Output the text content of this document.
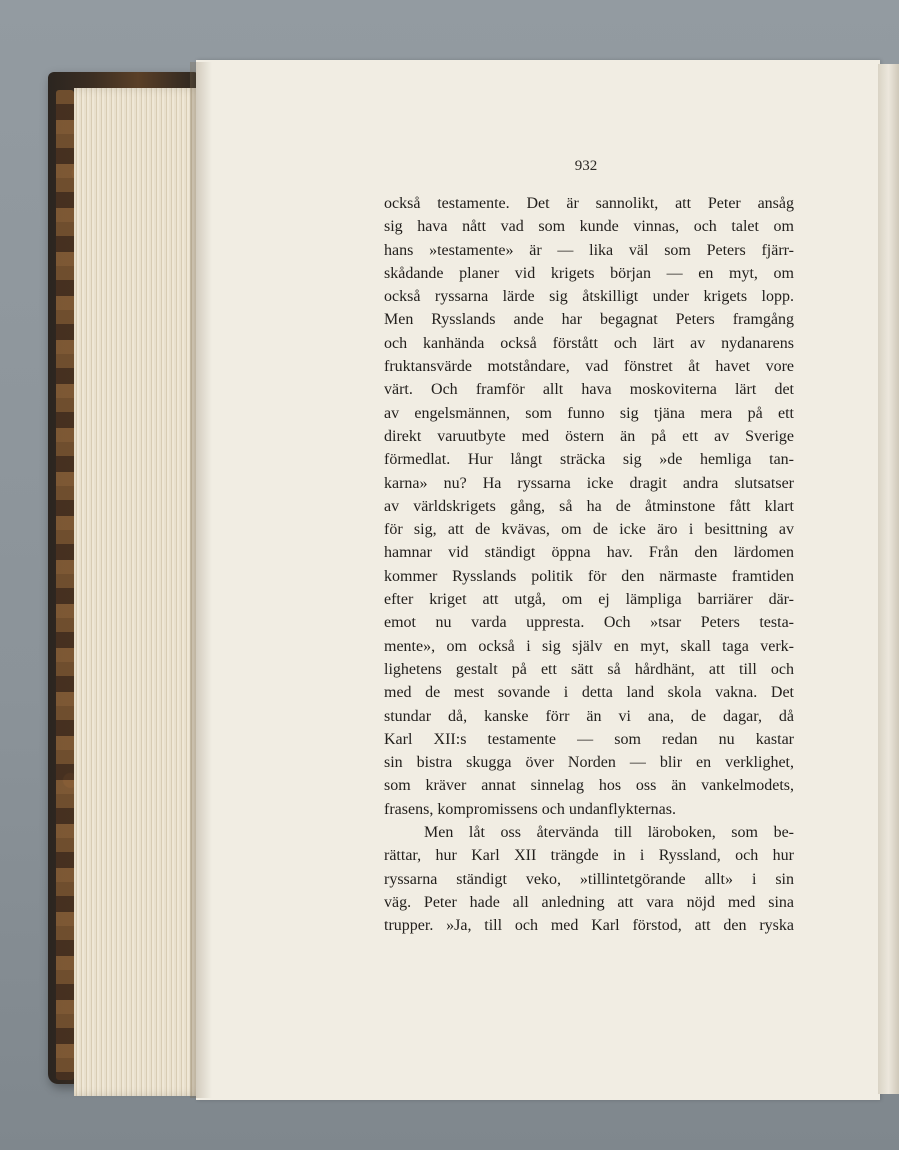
932
också testamente. Det är sannolikt, att Peter ansåg
sig hava nått vad som kunde vinnas, och talet om
hans »testamente» är — lika väl som Peters fjärr-
skådande planer vid krigets början — en myt, om
också ryssarna lärde sig åtskilligt under krigets lopp.
Men Rysslands ande har begagnat Peters framgång
och kanhända också förstått och lärt av nydanarens
fruktansvärde motståndare, vad fönstret åt havet vore
värt. Och framför allt hava moskoviterna lärt det
av engelsmännen, som funno sig tjäna mera på ett
direkt varuutbyte med östern än på ett av Sverige
förmedlat. Hur långt sträcka sig »de hemliga tan-
karna» nu? Ha ryssarna icke dragit andra slutsatser
av världskrigets gång, så ha de åtminstone fått klart
för sig, att de kvävas, om de icke äro i besittning av
hamnar vid ständigt öppna hav. Från den lärdomen
kommer Rysslands politik för den närmaste framtiden
efter kriget att utgå, om ej lämpliga barriärer där-
emot nu varda uppresta. Och »tsar Peters testa-
mente», om också i sig själv en myt, skall taga verk-
lighetens gestalt på ett sätt så hårdhänt, att till och
med de mest sovande i detta land skola vakna. Det
stundar då, kanske förr än vi ana, de dagar, då
Karl XII:s testamente — som redan nu kastar
sin bistra skugga över Norden — blir en verklighet,
som kräver annat sinnelag hos oss än vankelmodets,
frasens, kompromissens och undanflykternas.
Men låt oss återvända till läroboken, som be-
rättar, hur Karl XII trängde in i Ryssland, och hur
ryssarna ständigt veko, »tillintetgörande allt» i sin
väg. Peter hade all anledning att vara nöjd med sina
trupper. »Ja, till och med Karl förstod, att den ryska
